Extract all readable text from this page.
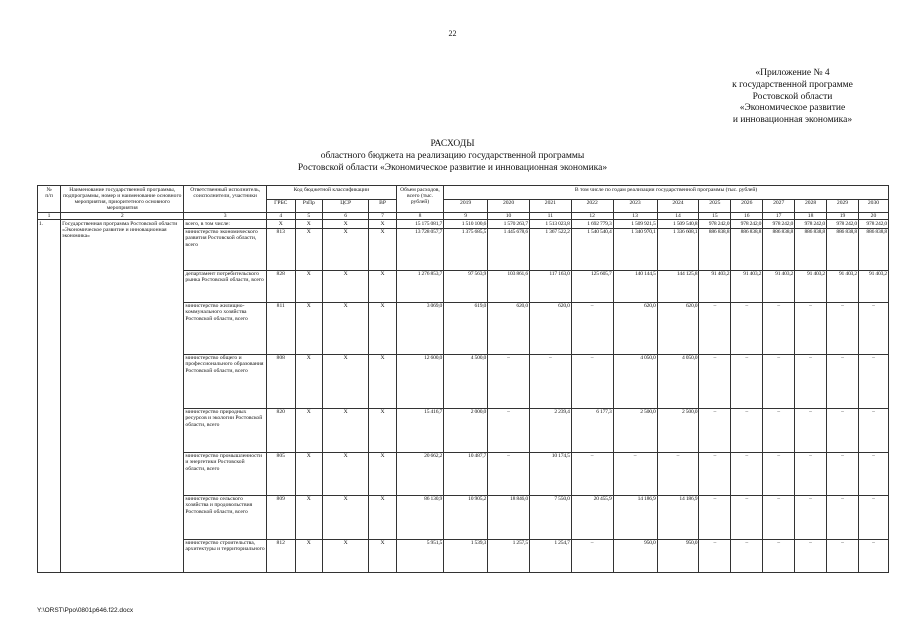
22
«Приложение № 4
к государственной программе
Ростовской области
«Экономическое развитие
и инновационная экономика»
РАСХОДЫ
областного бюджета на реализацию государственной программы
Ростовской области «Экономическое развитие и инновационная экономика»
№
п/п	Наименование государственной программы, подпрограммы, номер и наименование основного мероприятия, приоритетного основного мероприятия	Ответственный исполнитель, соисполнители, участники	Код бюджетной классификации				Объем расходов, всего (тыс. рублей)	В том числе по годам реализации государственной программы (тыс. рублей)											
			ГРБС	РзПр	ЦСР	ВР		2019	2020	2021	2022	2023	2024	2025	2026	2027	2028	2029	2030
1	2	3	4	5	6	7	8	9	10	11	12	13	14	15	16	17	18	19	20
1.	Государственная программа Ростовской области «Экономическое развитие и инновационная экономика»	всего, в том числе:	Х	Х	Х	Х	15 175 081,7	1 510 100,6	1 570 263,7	1 513 023,8	1 692 779,3	1 509 921,5	1 509 540,8	978 242,0	978 242,0	978 242,0	978 242,0	978 242,0	978 242,0
		министерство экономического развития Ростовской области, всего	813	Х	Х	Х	13 728 057,7	1 375 685,5	1 445 678,6	1 367 522,2	1 540 540,4	1 340 970,1	1 336 608,1	886 838,8	886 838,8	886 838,8	886 838,8	886 838,8	886 838,8
		департамент потребительского рынка Ростовской области, всего	828	Х	Х	Х	1 276 853,7	97 563,9	103 861,6	117 163,0	125 605,7	140 144,5	144 125,8	91 403,2	91 403,2	91 403,2	91 403,2	91 403,2	91 403,2
		министерство жилищно-коммунального хозяйства Ростовской области, всего	811	Х	Х	Х	3 069,0	619,0	620,0	620,0	–	620,0	620,0	–	–	–	–	–	–
		министерство общего и профессионального образования Ростовской области, всего	808	Х	Х	Х	12 600,0	4 500,0	–	–	–	4 050,0	4 050,0	–	–	–	–	–	–
		министерство природных ресурсов и экологии Ростовской области, всего	820	Х	Х	Х	15 416,7	2 000,0	–	2 239,4	6 177,3	2 500,0	2 500,0	–	–	–	–	–	–
		министерство промышленности и энергетики Ростовской области, всего	805	Х	Х	Х	20 662,2	10 487,7	–	10 174,5	–	–	–	–	–	–	–	–	–
		министерство сельского хозяйства и продовольствия Ростовской области, всего	809	Х	Х	Х	86 130,9	10 905,2	18 846,0	7 550,0	20 455,9	14 186,9	14 186,9	–	–	–	–	–	–
		министерство строительства, архитектуры и территориального	812	Х	Х	Х	5 951,5	1 539,3	1 257,5	1 254,7	–	950,0	950,0	–	–	–	–	–	–
Y:\ORST\Ppo\0801p646.f22.docx
